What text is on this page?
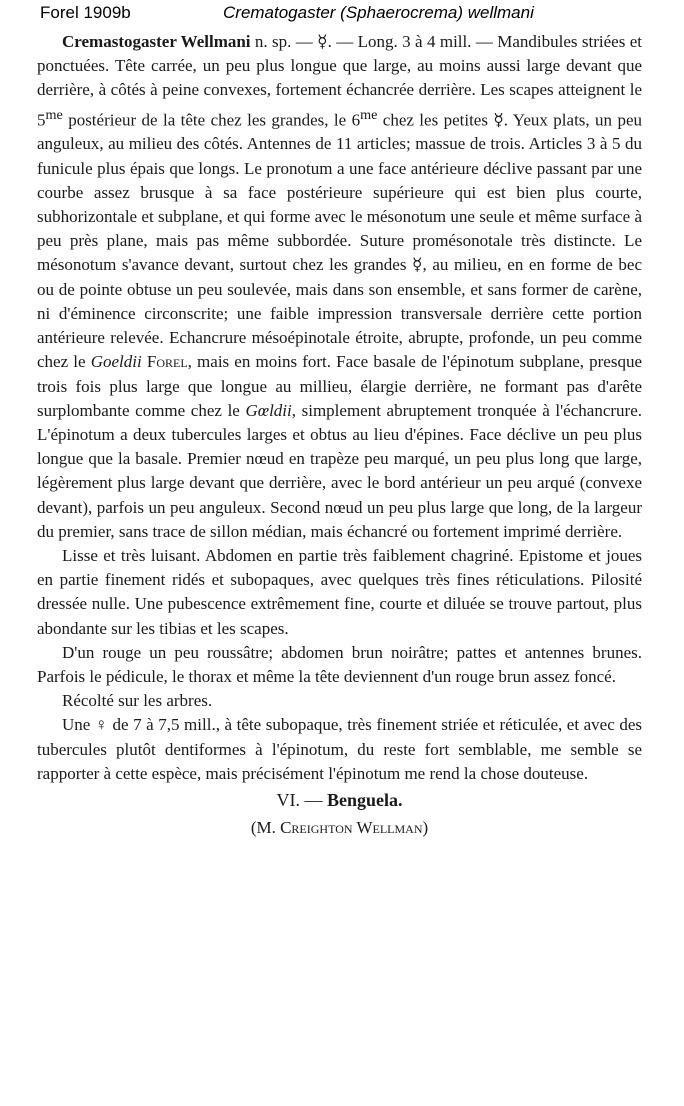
Forel 1909b	Crematogaster (Sphaerocrema) wellmani
Cremastogaster Wellmani n. sp. — ☿. — Long. 3 à 4 mill. — Mandibules striées et ponctuées. Tête carrée, un peu plus longue que large, au moins aussi large devant que derrière, à côtés à peine convexes, fortement échancrée derrière. Les scapes atteignent le $5^{me}$ postérieur de la tête chez les grandes, le $6^{me}$ chez les petites ☿. Yeux plats, un peu anguleux, au milieu des côtés. Antennes de 11 articles; massue de trois. Articles 3 à 5 du funicule plus épais que longs. Le pronotum a une face antérieure déclive passant par une courbe assez brusque à sa face postérieure supérieure qui est bien plus courte, subhorizontale et subplane, et qui forme avec le mésonotum une seule et même surface à peu près plane, mais pas même subbordée. Suture promésonotale très distincte. Le mésonotum s'avance devant, surtout chez les grandes ☿, au milieu, en en forme de bec ou de pointe obtuse un peu soulevée, mais dans son ensemble, et sans former de carène, ni d'éminence circonscrite; une faible impression transversale derrière cette portion antérieure relevée. Echancrure mésoépinotale étroite, abrupte, profonde, un peu comme chez le Goeldii Forel, mais en moins fort. Face basale de l'épinotum subplane, presque trois fois plus large que longue au millieu, élargie derrière, ne formant pas d'arête surplombante comme chez le Gœldii, simplement abruptement tronquée à l'échancrure. L'épinotum a deux tubercules larges et obtus au lieu d'épines. Face déclive un peu plus longue que la basale. Premier nœud en trapèze peu marqué, un peu plus long que large, légèrement plus large devant que derrière, avec le bord antérieur un peu arqué (convexe devant), parfois un peu anguleux. Second nœud un peu plus large que long, de la largeur du premier, sans trace de sillon médian, mais échancré ou fortement imprimé derrière.

Lisse et très luisant. Abdomen en partie très faiblement chagriné. Epistome et joues en partie finement ridés et subopaques, avec quelques très fines réticulations. Pilosité dressée nulle. Une pubescence extrêmement fine, courte et diluée se trouve partout, plus abondante sur les tibias et les scapes.

D'un rouge un peu roussâtre; abdomen brun noirâtre; pattes et antennes brunes. Parfois le pédicule, le thorax et même la tête deviennent d'un rouge brun assez foncé.

Récolté sur les arbres.

Une ♀ de 7 à 7,5 mill., à tête subopaque, très finement striée et réticulée, et avec des tubercules plutôt dentiformes à l'épinotum, du reste fort semblable, me semble se rapporter à cette espèce, mais précisément l'épinotum me rend la chose douteuse.

VI. — Benguela.

(M. Creighton Wellman)
